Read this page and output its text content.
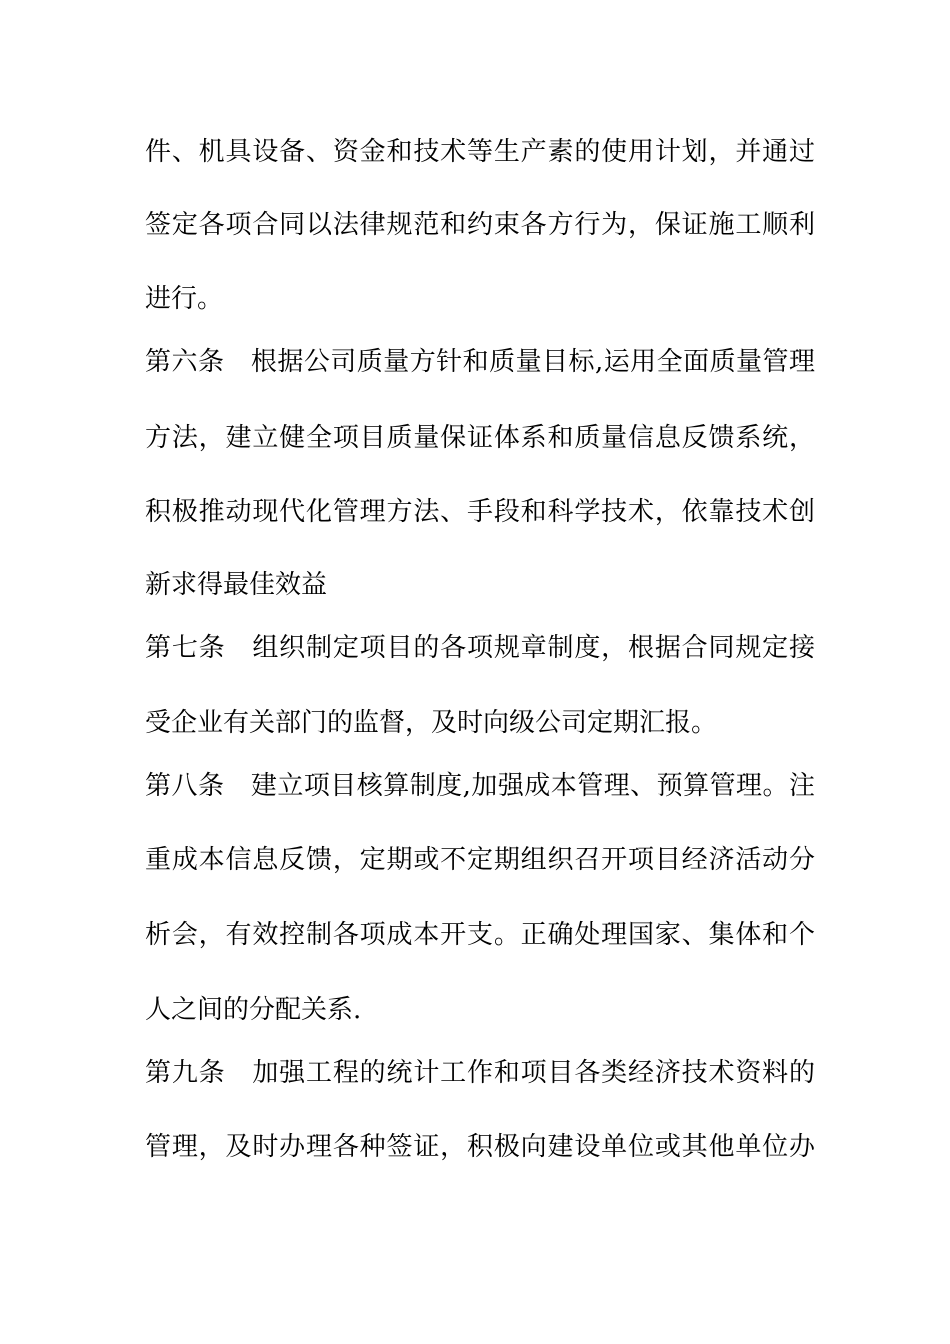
件、机具设备、资金和技术等生产素的使用计划，并通过
签定各项合同以法律规范和约束各方行为，保证施工顺利
进行。
第六条　根据公司质量方针和质量目标,运用全面质量管理
方法，建立健全项目质量保证体系和质量信息反馈系统，
积极推动现代化管理方法、手段和科学技术，依靠技术创
新求得最佳效益
第七条　组织制定项目的各项规章制度，根据合同规定接
受企业有关部门的监督，及时向级公司定期汇报。
第八条　建立项目核算制度,加强成本管理、预算管理。注
重成本信息反馈，定期或不定期组织召开项目经济活动分
析会，有效控制各项成本开支。正确处理国家、集体和个
人之间的分配关系.
第九条　加强工程的统计工作和项目各类经济技术资料的
管理，及时办理各种签证，积极向建设单位或其他单位办
